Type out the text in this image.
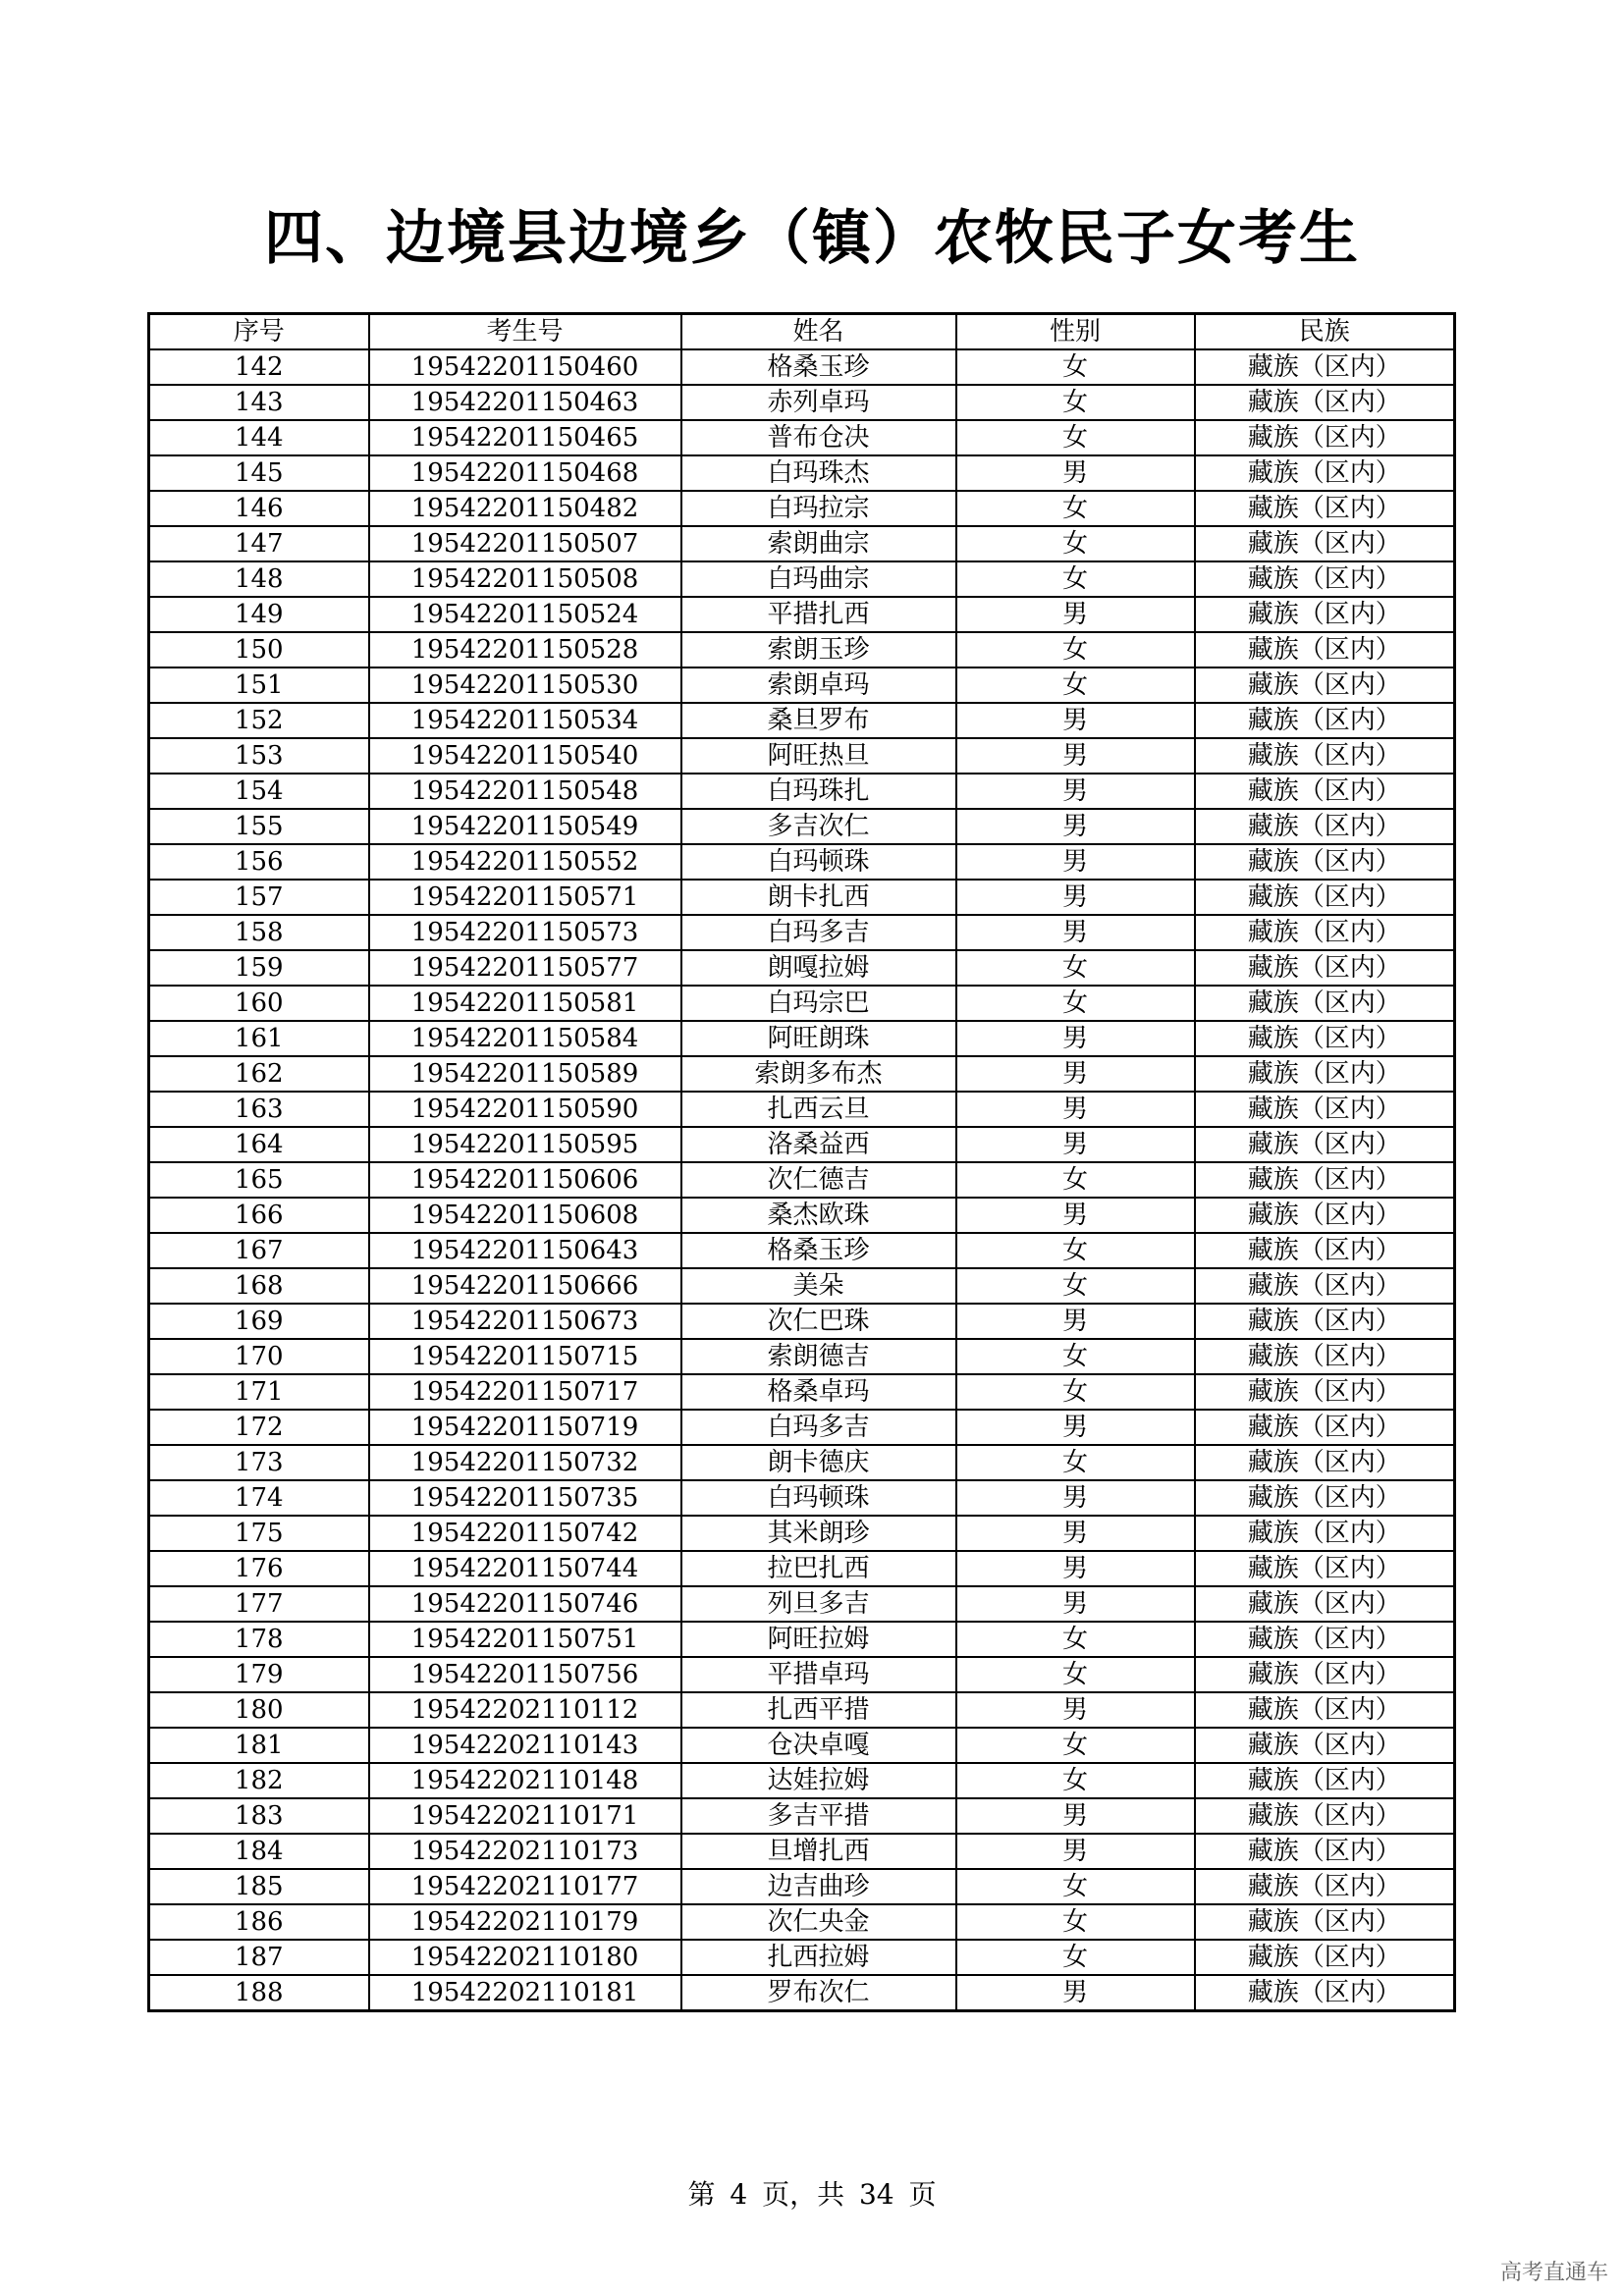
四、边境县边境乡（镇）农牧民子女考生
序号	考生号	姓名	性别	民族
142	19542201150460	格桑玉珍	女	藏族（区内）
143	19542201150463	赤列卓玛	女	藏族（区内）
144	19542201150465	普布仓决	女	藏族（区内）
145	19542201150468	白玛珠杰	男	藏族（区内）
146	19542201150482	白玛拉宗	女	藏族（区内）
147	19542201150507	索朗曲宗	女	藏族（区内）
148	19542201150508	白玛曲宗	女	藏族（区内）
149	19542201150524	平措扎西	男	藏族（区内）
150	19542201150528	索朗玉珍	女	藏族（区内）
151	19542201150530	索朗卓玛	女	藏族（区内）
152	19542201150534	桑旦罗布	男	藏族（区内）
153	19542201150540	阿旺热旦	男	藏族（区内）
154	19542201150548	白玛珠扎	男	藏族（区内）
155	19542201150549	多吉次仁	男	藏族（区内）
156	19542201150552	白玛顿珠	男	藏族（区内）
157	19542201150571	朗卡扎西	男	藏族（区内）
158	19542201150573	白玛多吉	男	藏族（区内）
159	19542201150577	朗嘎拉姆	女	藏族（区内）
160	19542201150581	白玛宗巴	女	藏族（区内）
161	19542201150584	阿旺朗珠	男	藏族（区内）
162	19542201150589	索朗多布杰	男	藏族（区内）
163	19542201150590	扎西云旦	男	藏族（区内）
164	19542201150595	洛桑益西	男	藏族（区内）
165	19542201150606	次仁德吉	女	藏族（区内）
166	19542201150608	桑杰欧珠	男	藏族（区内）
167	19542201150643	格桑玉珍	女	藏族（区内）
168	19542201150666	美朵	女	藏族（区内）
169	19542201150673	次仁巴珠	男	藏族（区内）
170	19542201150715	索朗德吉	女	藏族（区内）
171	19542201150717	格桑卓玛	女	藏族（区内）
172	19542201150719	白玛多吉	男	藏族（区内）
173	19542201150732	朗卡德庆	女	藏族（区内）
174	19542201150735	白玛顿珠	男	藏族（区内）
175	19542201150742	其米朗珍	男	藏族（区内）
176	19542201150744	拉巴扎西	男	藏族（区内）
177	19542201150746	列旦多吉	男	藏族（区内）
178	19542201150751	阿旺拉姆	女	藏族（区内）
179	19542201150756	平措卓玛	女	藏族（区内）
180	19542202110112	扎西平措	男	藏族（区内）
181	19542202110143	仓决卓嘎	女	藏族（区内）
182	19542202110148	达娃拉姆	女	藏族（区内）
183	19542202110171	多吉平措	男	藏族（区内）
184	19542202110173	旦增扎西	男	藏族（区内）
185	19542202110177	边吉曲珍	女	藏族（区内）
186	19542202110179	次仁央金	女	藏族（区内）
187	19542202110180	扎西拉姆	女	藏族（区内）
188	19542202110181	罗布次仁	男	藏族（区内）
第 4 页，共 34 页
高考直通车
